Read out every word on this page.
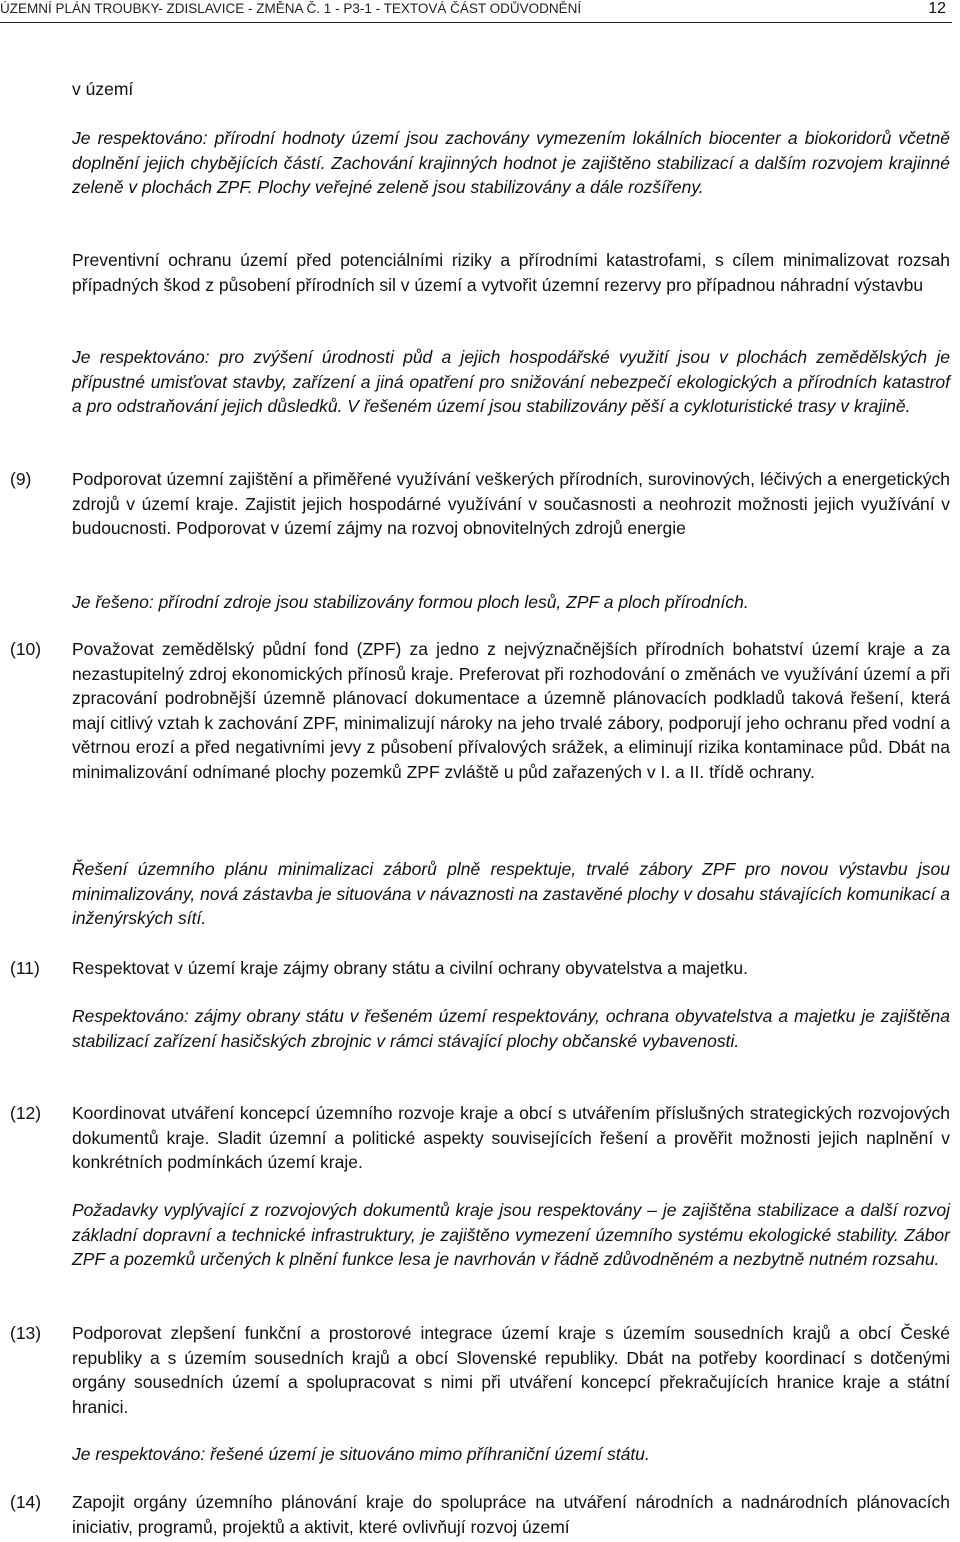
ÚZEMNÍ PLÁN TROUBKY- ZDISLAVICE - ZMĚNA Č. 1 - P3-1 - TEXTOVÁ ČÁST ODŮVODNĚNÍ	12
v území
Je respektováno: přírodní hodnoty území jsou zachovány vymezením lokálních biocenter a biokoridorů včetně doplnění jejich chybějících částí. Zachování krajinných hodnot je zajištěno stabilizací a dalším rozvojem krajinné zeleně v plochách ZPF. Plochy veřejné zeleně jsou stabilizovány a dále rozšířeny.
Preventivní ochranu území před potenciálními riziky a přírodními katastrofami, s cílem minimalizovat rozsah případných škod z působení přírodních sil v území a vytvořit územní rezervy pro případnou náhradní výstavbu
Je respektováno: pro zvýšení úrodnosti půd a jejich hospodářské využití jsou v plochách zemědělských je přípustné umisťovat stavby, zařízení a jiná opatření pro snižování nebezpečí ekologických a přírodních katastrof a pro odstraňování jejich důsledků. V řešeném území jsou stabilizovány pěší a cykloturistické trasy v krajině.
(9) Podporovat územní zajištění a přiměřené využívání veškerých přírodních, surovinových, léčivých a energetických zdrojů v území kraje. Zajistit jejich hospodárné využívání v současnosti a neohrozit možnosti jejich využívání v budoucnosti. Podporovat v území zájmy na rozvoj obnovitelných zdrojů energie
Je řešeno: přírodní zdroje jsou stabilizovány formou ploch lesů, ZPF a ploch přírodních.
(10) Považovat zemědělský půdní fond (ZPF) za jedno z nejvýznačnějších přírodních bohatství území kraje a za nezastupitelný zdroj ekonomických přínosů kraje. Preferovat při rozhodování o změnách ve využívání území a při zpracování podrobnější územně plánovací dokumentace a územně plánovacích podkladů taková řešení, která mají citlivý vztah k zachování ZPF, minimalizují nároky na jeho trvalé zábory, podporují jeho ochranu před vodní a větrnou erozí a před negativními jevy z působení přívalových srážek, a eliminují rizika kontaminace půd. Dbát na minimalizování odnímané plochy pozemků ZPF zvláště u půd zařazených v I. a II. třídě ochrany.
Řešení územního plánu minimalizaci záborů plně respektuje, trvalé zábory ZPF pro novou výstavbu jsou minimalizovány, nová zástavba je situována v návaznosti na zastavěné plochy v dosahu stávajících komunikací a inženýrských sítí.
(11) Respektovat v území kraje zájmy obrany státu a civilní ochrany obyvatelstva a majetku.
Respektováno: zájmy obrany státu v řešeném území respektovány, ochrana obyvatelstva a majetku je zajištěna stabilizací zařízení hasičských zbrojnic v rámci stávající plochy občanské vybavenosti.
(12) Koordinovat utváření koncepcí územního rozvoje kraje a obcí s utvářením příslušných strategických rozvojových dokumentů kraje. Sladit územní a politické aspekty souvisejících řešení a prověřit možnosti jejich naplnění v konkrétních podmínkách území kraje.
Požadavky vyplývající z rozvojových dokumentů kraje jsou respektovány – je zajištěna stabilizace a další rozvoj základní dopravní a technické infrastruktury, je zajištěno vymezení územního systému ekologické stability. Zábor ZPF a pozemků určených k plnění funkce lesa je navrhován v řádně zdůvodněném a nezbytně nutném rozsahu.
(13) Podporovat zlepšení funkční a prostorové integrace území kraje s územím sousedních krajů a obcí České republiky a s územím sousedních krajů a obcí Slovenské republiky. Dbát na potřeby koordinací s dotčenými orgány sousedních území a spolupracovat s nimi při utváření koncepcí překračujících hranice kraje a státní hranici.
Je respektováno: řešené území je situováno mimo příhraniční území státu.
(14) Zapojit orgány územního plánování kraje do spolupráce na utváření národních a nadnárodních plánovacích iniciativ, programů, projektů a aktivit, které ovlivňují rozvoj území
